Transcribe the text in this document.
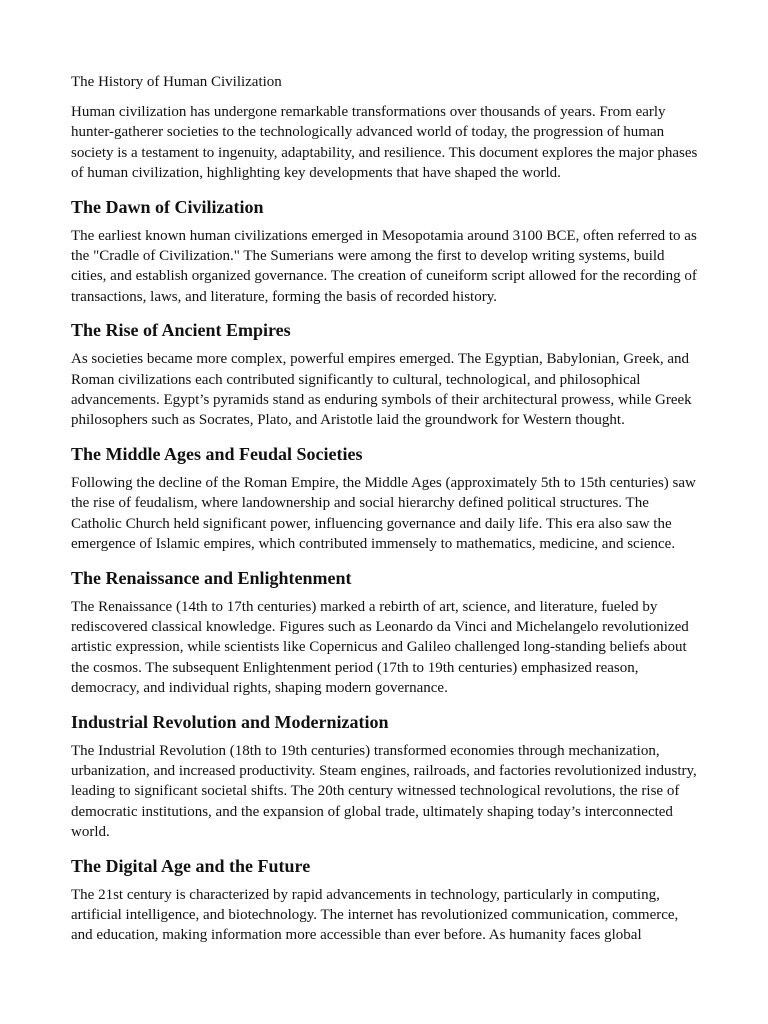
The History of Human Civilization

Human civilization has undergone remarkable transformations over thousands of years. From early hunter-gatherer societies to the technologically advanced world of today, the progression of human society is a testament to ingenuity, adaptability, and resilience. This document explores the major phases of human civilization, highlighting key developments that have shaped the world.

The Dawn of Civilization

The earliest known human civilizations emerged in Mesopotamia around 3100 BCE, often referred to as the "Cradle of Civilization." The Sumerians were among the first to develop writing systems, build cities, and establish organized governance. The creation of cuneiform script allowed for the recording of transactions, laws, and literature, forming the basis of recorded history.

The Rise of Ancient Empires

As societies became more complex, powerful empires emerged. The Egyptian, Babylonian, Greek, and Roman civilizations each contributed significantly to cultural, technological, and philosophical advancements. Egypt’s pyramids stand as enduring symbols of their architectural prowess, while Greek philosophers such as Socrates, Plato, and Aristotle laid the groundwork for Western thought.

The Middle Ages and Feudal Societies

Following the decline of the Roman Empire, the Middle Ages (approximately 5th to 15th centuries) saw the rise of feudalism, where landownership and social hierarchy defined political structures. The Catholic Church held significant power, influencing governance and daily life. This era also saw the emergence of Islamic empires, which contributed immensely to mathematics, medicine, and science.

The Renaissance and Enlightenment

The Renaissance (14th to 17th centuries) marked a rebirth of art, science, and literature, fueled by rediscovered classical knowledge. Figures such as Leonardo da Vinci and Michelangelo revolutionized artistic expression, while scientists like Copernicus and Galileo challenged long-standing beliefs about the cosmos. The subsequent Enlightenment period (17th to 19th centuries) emphasized reason, democracy, and individual rights, shaping modern governance.

Industrial Revolution and Modernization

The Industrial Revolution (18th to 19th centuries) transformed economies through mechanization, urbanization, and increased productivity. Steam engines, railroads, and factories revolutionized industry, leading to significant societal shifts. The 20th century witnessed technological revolutions, the rise of democratic institutions, and the expansion of global trade, ultimately shaping today’s interconnected world.

The Digital Age and the Future

The 21st century is characterized by rapid advancements in technology, particularly in computing, artificial intelligence, and biotechnology. The internet has revolutionized communication, commerce, and education, making information more accessible than ever before. As humanity faces global
